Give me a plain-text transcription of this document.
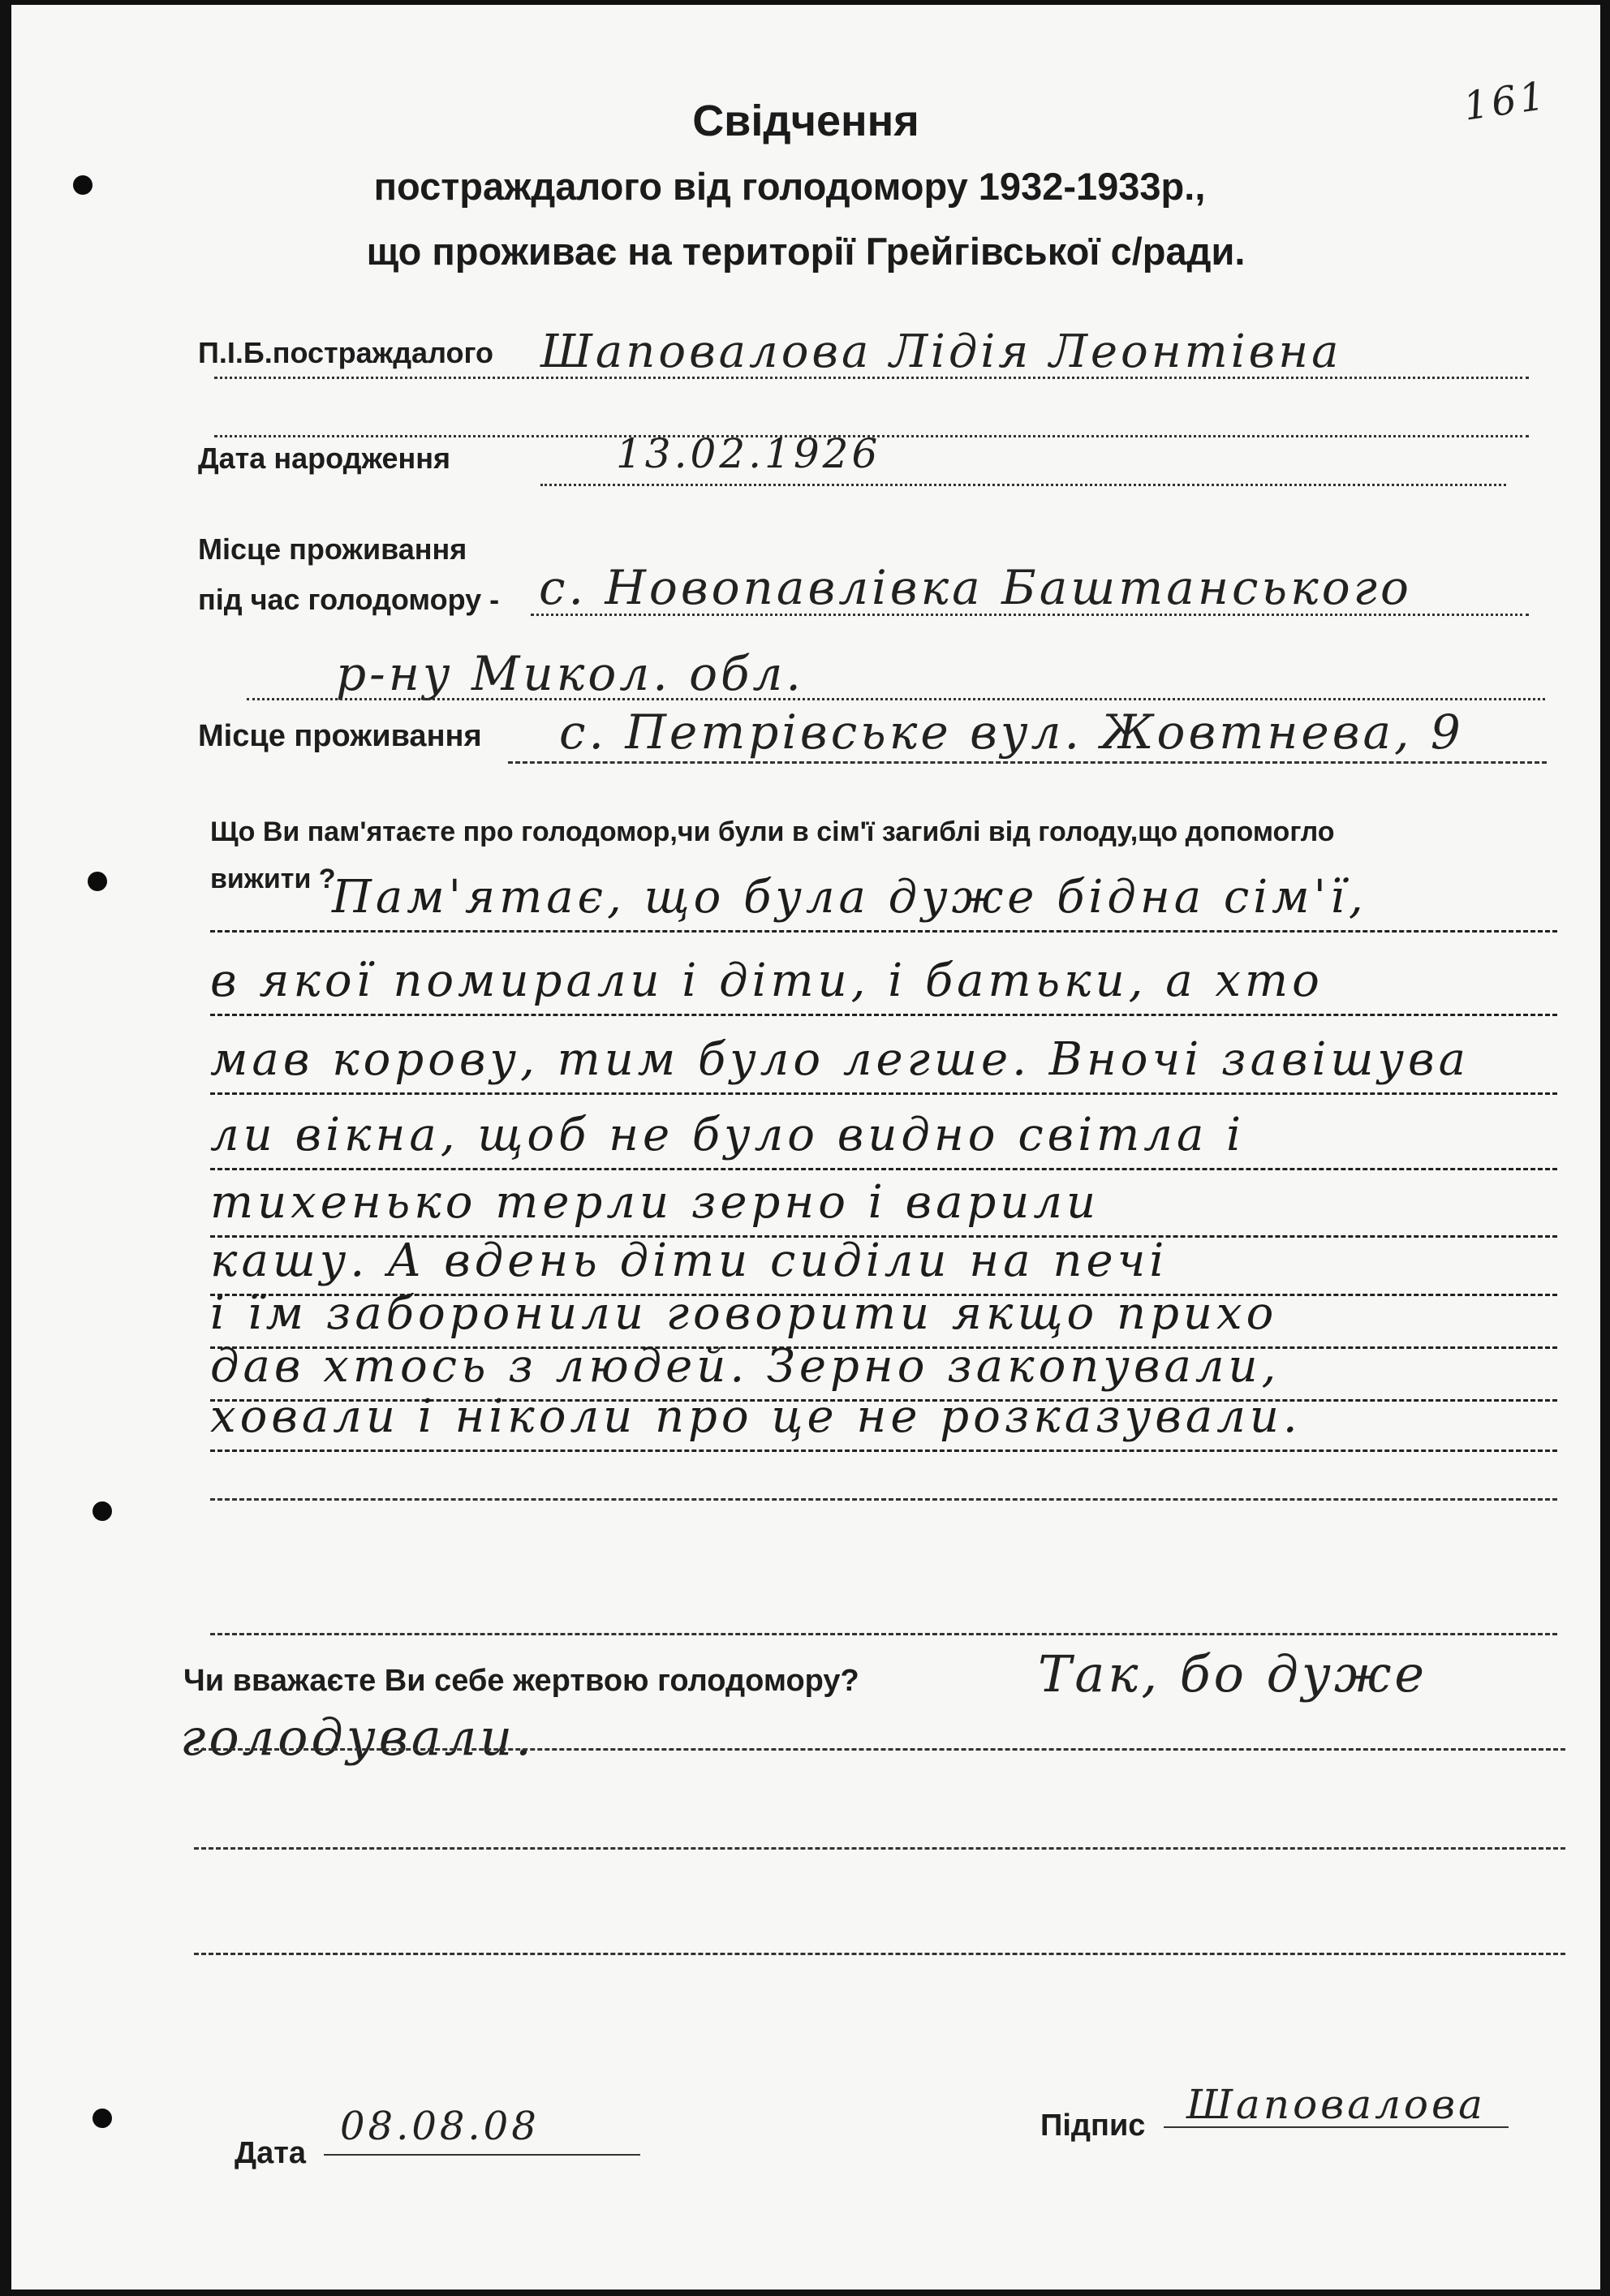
161
Свідчення
постраждалого від голодомору 1932-1933р.,
що проживає на території Грейгівської с/ради.
П.І.Б.постраждалого Шаповалова Лідія Леонтівна
Дата народження	13.02.1926
Місце проживання
під час голодомору - с. Новопавлівка Баштанського
р-ну Микол. обл.
Місце проживання с. Петрівське вул. Жовтнева, 9
Що Ви пам'ятаєте про голодомор,чи були в сім'ї загиблі від голоду,що допомогло
вижити ?
Пам'ятає, що була дуже бідна сім'ї,
в якої помирали і діти, і батьки, а хто
мав корову, тим було легше. Вночі завішува
ли вікна, щоб не було видно світла і
тихенько терли зерно і варили
кашу. А вдень діти сиділи на печі
і їм заборонили говорити якщо прихо
дав хтось з людей. Зерно закопували,
ховали і ніколи про це не розказували.
Чи вважаєте Ви себе жертвою голодомору?	Так, бо дуже
голодували.
Дата
08.08.08	Підпис Шаповалова
